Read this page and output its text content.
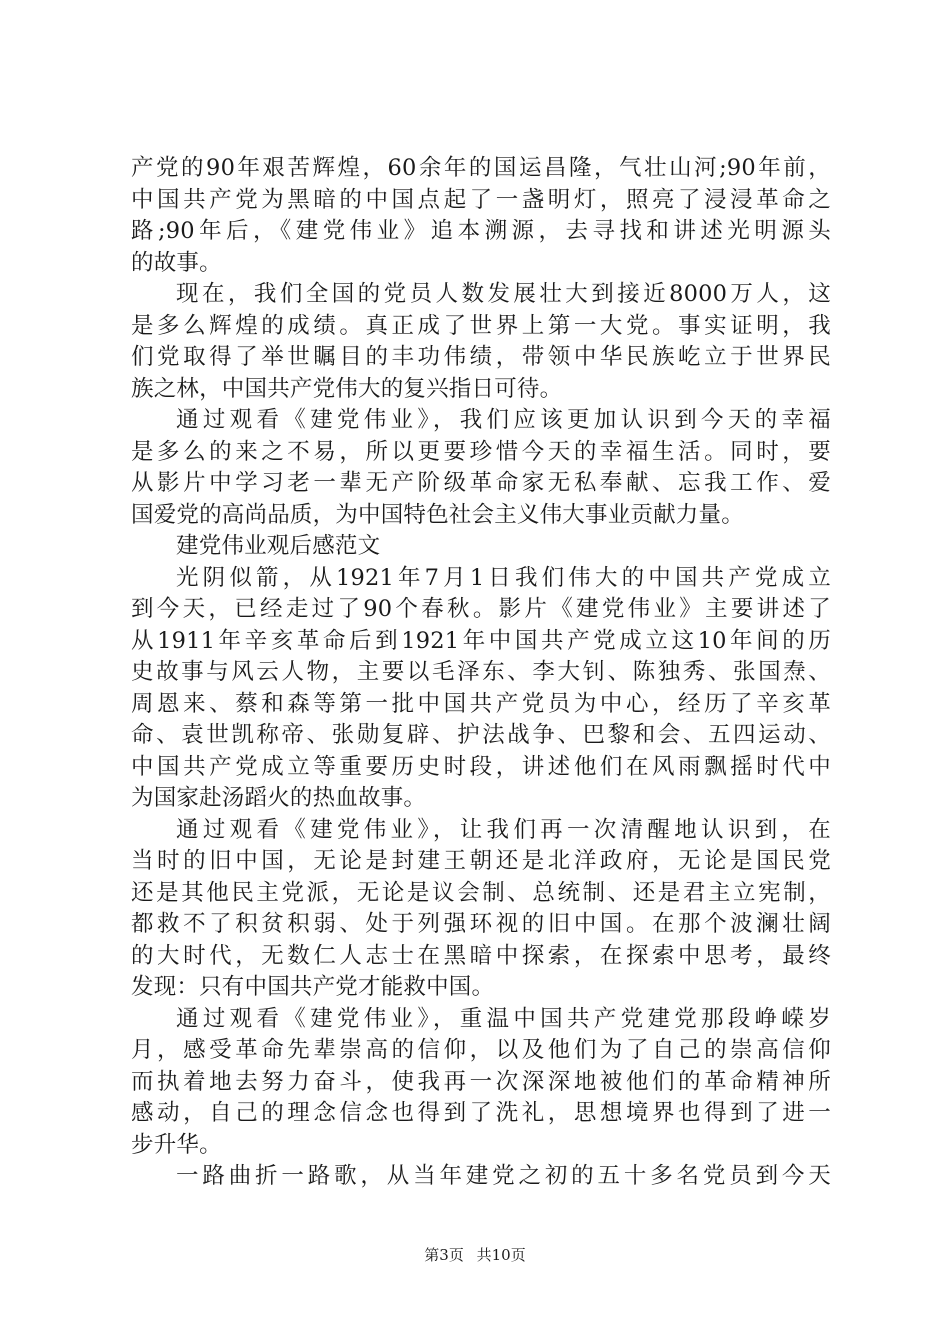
产党的90年艰苦辉煌，60余年的国运昌隆，气壮山河;90年前，
中国共产党为黑暗的中国点起了一盏明灯，照亮了浸浸革命之
路;90年后，《建党伟业》追本溯源，去寻找和讲述光明源头
的故事。
现在，我们全国的党员人数发展壮大到接近8000万人，这
是多么辉煌的成绩。真正成了世界上第一大党。事实证明，我
们党取得了举世瞩目的丰功伟绩，带领中华民族屹立于世界民
族之林，中国共产党伟大的复兴指日可待。
通过观看《建党伟业》，我们应该更加认识到今天的幸福
是多么的来之不易，所以更要珍惜今天的幸福生活。同时，要
从影片中学习老一辈无产阶级革命家无私奉献、忘我工作、爱
国爱党的高尚品质，为中国特色社会主义伟大事业贡献力量。
建党伟业观后感范文
光阴似箭，从1921年7月1日我们伟大的中国共产党成立
到今天，已经走过了90个春秋。影片《建党伟业》主要讲述了
从1911年辛亥革命后到1921年中国共产党成立这10年间的历
史故事与风云人物，主要以毛泽东、李大钊、陈独秀、张国焘、
周恩来、蔡和森等第一批中国共产党员为中心，经历了辛亥革
命、袁世凯称帝、张勋复辟、护法战争、巴黎和会、五四运动、
中国共产党成立等重要历史时段，讲述他们在风雨飘摇时代中
为国家赴汤蹈火的热血故事。
通过观看《建党伟业》，让我们再一次清醒地认识到，在
当时的旧中国，无论是封建王朝还是北洋政府，无论是国民党
还是其他民主党派，无论是议会制、总统制、还是君主立宪制，
都救不了积贫积弱、处于列强环视的旧中国。在那个波澜壮阔
的大时代，无数仁人志士在黑暗中探索，在探索中思考，最终
发现：只有中国共产党才能救中国。
通过观看《建党伟业》，重温中国共产党建党那段峥嵘岁
月，感受革命先辈崇高的信仰，以及他们为了自己的崇高信仰
而执着地去努力奋斗，使我再一次深深地被他们的革命精神所
感动，自己的理念信念也得到了洗礼，思想境界也得到了进一
步升华。
一路曲折一路歌，从当年建党之初的五十多名党员到今天
第3页 共10页
